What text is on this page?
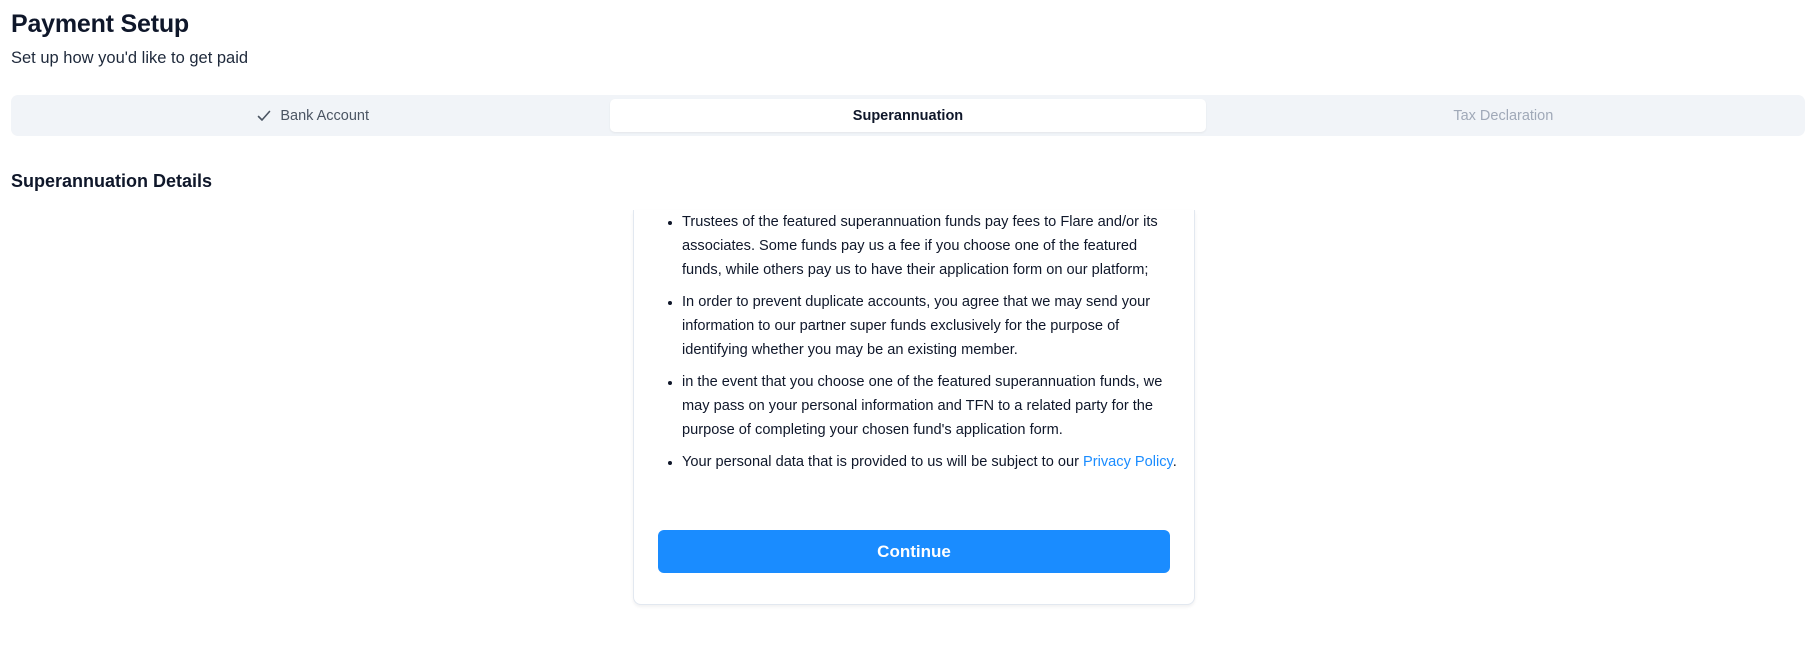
Payment Setup
Set up how you'd like to get paid
Bank Account	Superannuation	Tax Declaration
Superannuation Details
• Trustees of the featured superannuation funds pay fees to Flare and/or its associates. Some funds pay us a fee if you choose one of the featured funds, while others pay us to have their application form on our platform;
• In order to prevent duplicate accounts, you agree that we may send your information to our partner super funds exclusively for the purpose of identifying whether you may be an existing member.
• in the event that you choose one of the featured superannuation funds, we may pass on your personal information and TFN to a related party for the purpose of completing your chosen fund's application form.
• Your personal data that is provided to us will be subject to our Privacy Policy.
Continue
